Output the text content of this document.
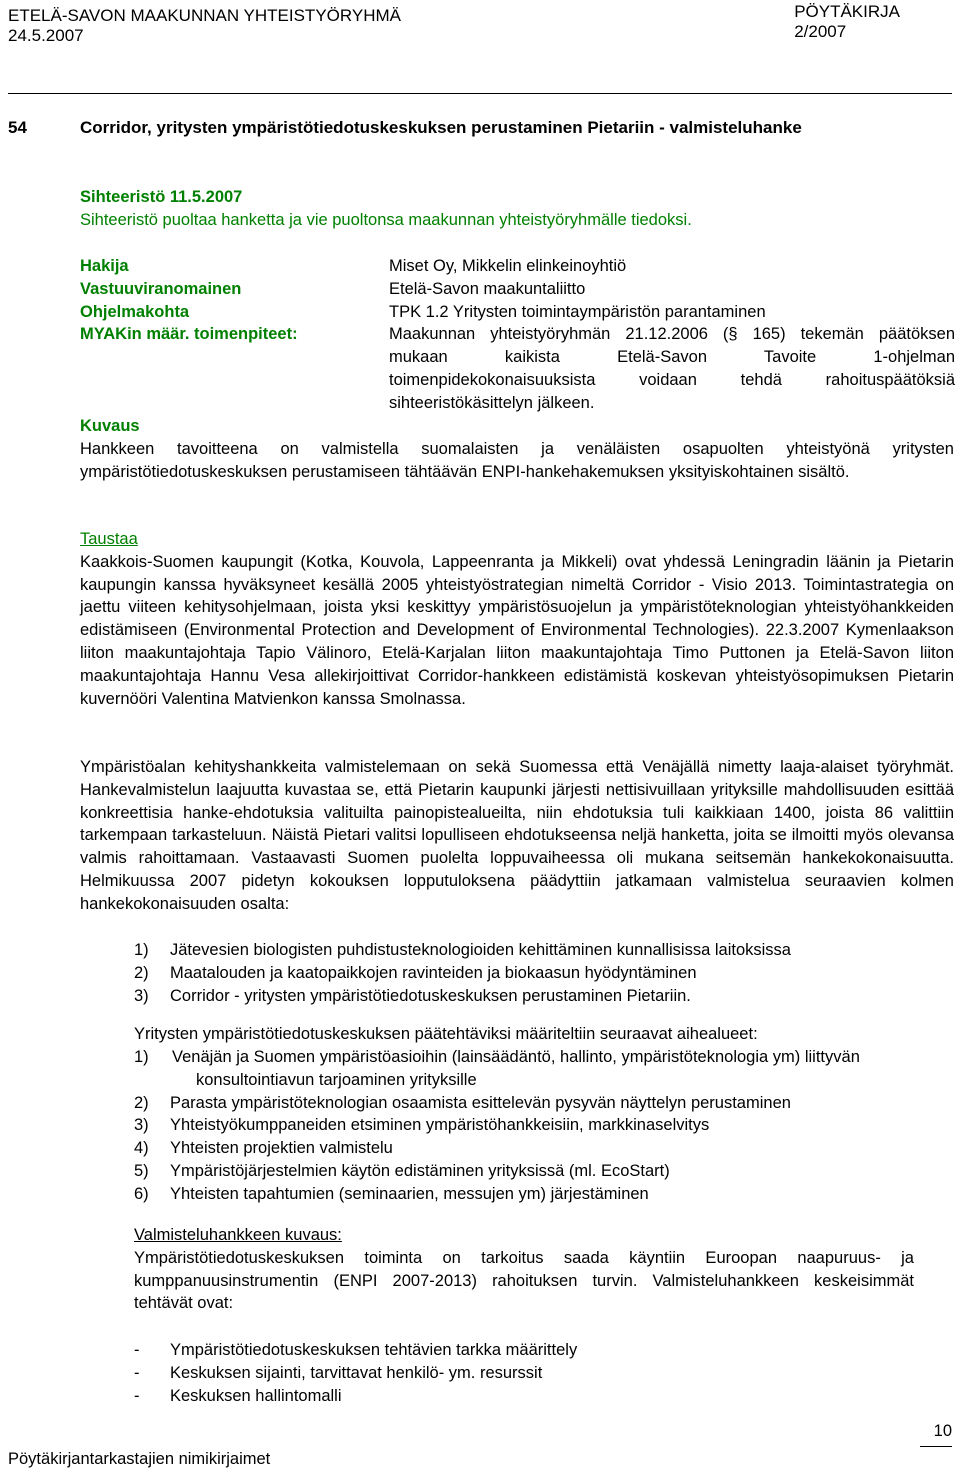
ETELÄ-SAVON MAAKUNNAN YHTEISTYÖRYHMÄ
24.5.2007
PÖYTÄKIRJA
2/2007
54	Corridor, yritysten ympäristötiedotuskeskuksen perustaminen Pietariin - valmisteluhanke
Sihteeristö 11.5.2007
Sihteeristö puoltaa hanketta ja vie puoltonsa maakunnan yhteistyöryhmälle tiedoksi.
Hakija	Miset Oy, Mikkelin elinkeinoyhtiö
Vastuuviranomainen	Etelä-Savon maakuntaliitto
Ohjelmakohta	TPK 1.2 Yritysten toimintaympäristön parantaminen
MYAKin määr. toimenpiteet:	Maakunnan yhteistyöryhmän 21.12.2006 (§ 165) tekemän päätöksen mukaan kaikista Etelä-Savon Tavoite 1-ohjelman toimenpidekokonaisuuksista voidaan tehdä rahoituspäätöksiä sihteeristökäsittelyn jälkeen.
Kuvaus
Hankkeen tavoitteena on valmistella suomalaisten ja venäläisten osapuolten yhteistyönä yritysten ympäristötiedotuskeskuksen perustamiseen tähtäävän ENPI-hankehakemuksen yksityiskohtainen sisältö.
Taustaa
Kaakkois-Suomen kaupungit (Kotka, Kouvola, Lappeenranta ja Mikkeli) ovat yhdessä Leningradin läänin ja Pietarin kaupungin kanssa hyväksyneet kesällä 2005 yhteistyöstrategian nimeltä Corridor - Visio 2013. Toimintastrategia on jaettu viiteen kehitysohjelmaan, joista yksi keskittyy ympäristösuojelun ja ympäristöteknologian yhteistyöhankkeiden edistämiseen (Environmental Protection and Development of Environmental Technologies). 22.3.2007 Kymenlaakson liiton maakuntajohtaja Tapio Välinoro, Etelä-Karjalan liiton maakuntajohtaja Timo Puttonen ja Etelä-Savon liiton maakuntajohtaja Hannu Vesa allekirjoittivat Corridor-hankkeen edistämistä koskevan yhteistyösopimuksen Pietarin kuvernööri Valentina Matvienkon kanssa Smolnassa.
Ympäristöalan kehityshankkeita valmistelemaan on sekä Suomessa että Venäjällä nimetty laaja-alaiset työryhmät. Hankevalmistelun laajuutta kuvastaa se, että Pietarin kaupunki järjesti nettisivuillaan yrityksille mahdollisuuden esittää konkreettisia hanke-ehdotuksia valituilta painopistealueilta, niin ehdotuksia tuli kaikkiaan 1400, joista 86 valittiin tarkempaan tarkasteluun. Näistä Pietari valitsi lopulliseen ehdotukseensa neljä hanketta, joita se ilmoitti myös olevansa valmis rahoittamaan. Vastaavasti Suomen puolelta loppuvaiheessa oli mukana seitsemän hankekokonaisuutta. Helmikuussa 2007 pidetyn kokouksen lopputuloksena päädyttiin jatkamaan valmistelua seuraavien kolmen hankekokonaisuuden osalta:
1) Jätevesien biologisten puhdistusteknologioiden kehittäminen kunnallisissa laitoksissa
2) Maatalouden ja kaatopaikkojen ravinteiden ja biokaasun hyödyntäminen
3) Corridor - yritysten ympäristötiedotuskeskuksen perustaminen Pietariin.
Yritysten ympäristötiedotuskeskuksen päätehtäviksi määriteltiin seuraavat aihealueet:
1) Venäjän ja Suomen ympäristöasioihin (lainsäädäntö, hallinto, ympäristöteknologia ym) liittyvän konsultointiavun tarjoaminen yrityksille
2) Parasta ympäristöteknologian osaamista esittelevän pysyvän näyttelyn perustaminen
3) Yhteistyökumppaneiden etsiminen ympäristöhankkeisiin, markkinaselvitys
4) Yhteisten projektien valmistelu
5) Ympäristöjärjestelmien käytön edistäminen yrityksissä (ml. EcoStart)
6) Yhteisten tapahtumien (seminaarien, messujen ym) järjestäminen
Valmisteluhankkeen kuvaus:
Ympäristötiedotuskeskuksen toiminta on tarkoitus saada käyntiin Euroopan naapuruus- ja kumppanuusinstrumentin (ENPI 2007-2013) rahoituksen turvin. Valmisteluhankkeen keskeisimmät tehtävät ovat:
- Ympäristötiedotuskeskuksen tehtävien tarkka määrittely
- Keskuksen sijainti, tarvittavat henkilö- ym. resurssit
- Keskuksen hallintomalli
10
Pöytäkirjantarkastajien nimikirjaimet
